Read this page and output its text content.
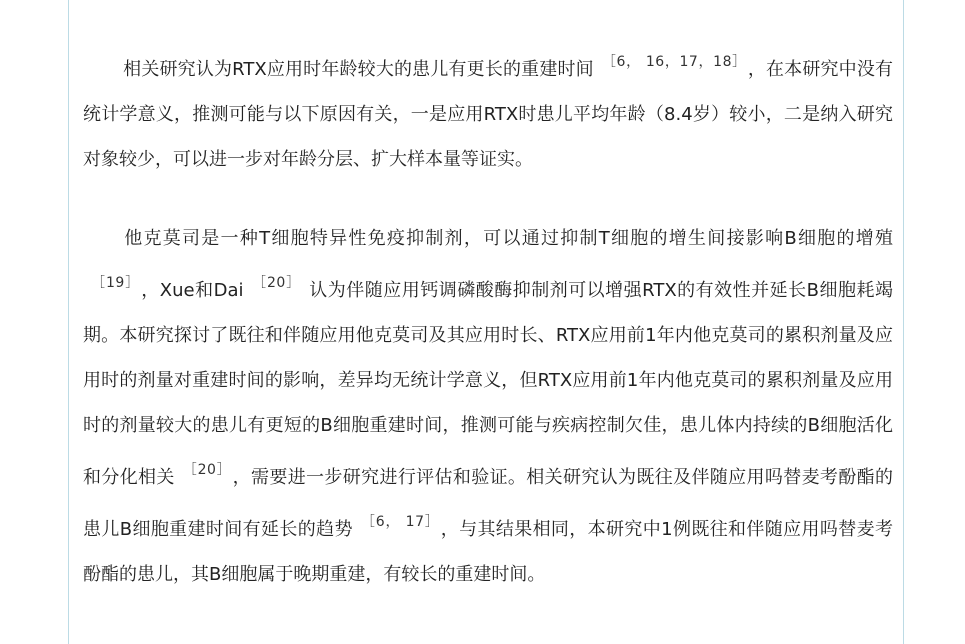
相关研究认为RTX应用时年龄较大的患儿有更长的重建时间 $^{[6, 16,17,18]}$ ，在本研究中没有统计学意义，推测可能与以下原因有关，一是应用RTX时患儿平均年龄（8.4岁）较小，二是纳入研究对象较少，可以进一步对年龄分层、扩大样本量等证实。

他克莫司是一种T细胞特异性免疫抑制剂，可以通过抑制T细胞的增生间接影响B细胞的增殖$^{[19]}$ ，Xue和Dai $^{[20]}$ 认为伴随应用钙调磷酸酶抑制剂可以增强RTX的有效性并延长B细胞耗竭期。本研究探讨了既往和伴随应用他克莫司及其应用时长、RTX应用前1年内他克莫司的累积剂量及应用时的剂量对重建时间的影响，差异均无统计学意义，但RTX应用前1年内他克莫司的累积剂量及应用时的剂量较大的患儿有更短的B细胞重建时间，推测可能与疾病控制欠佳，患儿体内持续的B细胞活化和分化相关 $^{[20]}$ ，需要进一步研究进行评估和验证。相关研究认为既往及伴随应用吗替麦考酚酯的患儿B细胞重建时间有延长的趋势 $^{[6, 17]}$ ，与其结果相同，本研究中1例既往和伴随应用吗替麦考酚酯的患儿，其B细胞属于晚期重建，有较长的重建时间。
